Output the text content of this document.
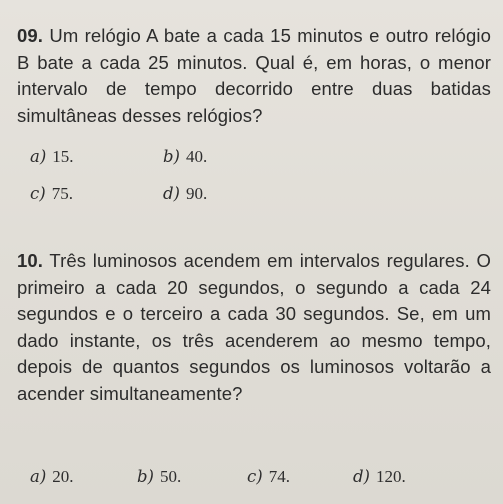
09. Um relógio A bate a cada 15 minutos e outro relógio B bate a cada 25 minutos. Qual é, em horas, o menor intervalo de tempo decorrido entre duas batidas simultâneas desses relógios?
a) 15.	b) 40.
c) 75.	d) 90.
10. Três luminosos acendem em intervalos regulares. O primeiro a cada 20 segundos, o segundo a cada 24 segundos e o terceiro a cada 30 segundos. Se, em um dado instante, os três acenderem ao mesmo tempo, depois de quantos segundos os luminosos voltarão a acender simultaneamente?
a) 20.	b) 50.	c) 74.	d) 120.
